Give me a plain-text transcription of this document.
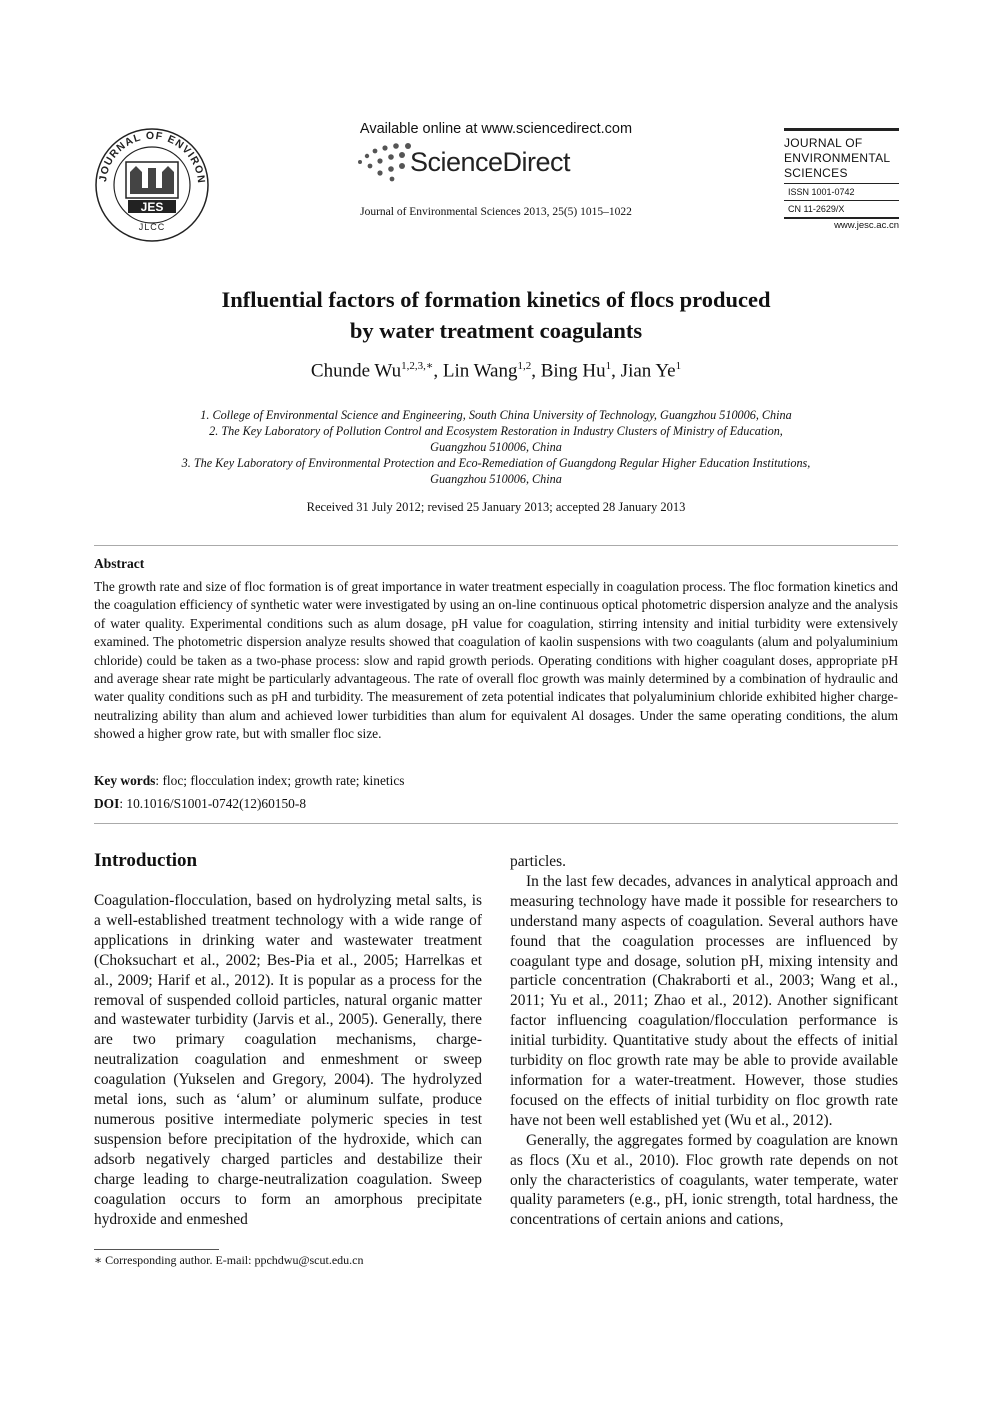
JOURNAL OF ENVIRON
JES
JLCC
Available online at www.sciencedirect.com
ScienceDirect
Journal of Environmental Sciences 2013, 25(5) 1015–1022
JOURNAL OF
ENVIRONMENTAL
SCIENCES
ISSN 1001-0742
CN 11-2629/X
www.jesc.ac.cn
Influential factors of formation kinetics of flocs produced
by water treatment coagulants
Chunde $Wu^{1,2,3,∗}$, Lin Wang$^{1,2}$, Bing Hu$^1$, Jian Ye$^1$
1. College of Environmental Science and Engineering, South China University of Technology, Guangzhou 510006, China
2. The Key Laboratory of Pollution Control and Ecosystem Restoration in Industry Clusters of Ministry of Education,
Guangzhou 510006, China
3. The Key Laboratory of Environmental Protection and Eco-Remediation of Guangdong Regular Higher Education Institutions,
Guangzhou 510006, China
Received 31 July 2012; revised 25 January 2013; accepted 28 January 2013
Abstract
The growth rate and size of floc formation is of great importance in water treatment especially in coagulation process. The floc formation kinetics and the coagulation efficiency of synthetic water were investigated by using an on-line continuous optical photometric dispersion analyze and the analysis of water quality. Experimental conditions such as alum dosage, pH value for coagulation, stirring intensity and initial turbidity were extensively examined. The photometric dispersion analyze results showed that coagulation of kaolin suspensions with two coagulants (alum and polyaluminium chloride) could be taken as a two-phase process: slow and rapid growth periods. Operating conditions with higher coagulant doses, appropriate pH and average shear rate might be particularly advantageous. The rate of overall floc growth was mainly determined by a combination of hydraulic and water quality conditions such as pH and turbidity. The measurement of zeta potential indicates that polyaluminium chloride exhibited higher charge-neutralizing ability than alum and achieved lower turbidities than alum for equivalent Al dosages. Under the same operating conditions, the alum showed a higher grow rate, but with smaller floc size.
Key words: floc; flocculation index; growth rate; kinetics
DOI: 10.1016/S1001-0742(12)60150-8
Introduction

Coagulation-flocculation, based on hydrolyzing metal salts, is a well-established treatment technology with a wide range of applications in drinking water and wastewater treatment (Choksuchart et al., 2002; Bes-Pia et al., 2005; Harrelkas et al., 2009; Harif et al., 2012). It is popular as a process for the removal of suspended colloid particles, natural organic matter and wastewater turbidity (Jarvis et al., 2005). Generally, there are two primary coagulation mechanisms, charge-neutralization coagulation and enmeshment or sweep coagulation (Yukselen and Gregory, 2004). The hydrolyzed metal ions, such as ‘alum’ or aluminum sulfate, produce numerous positive intermediate polymeric species in test suspension before precipitation of the hydroxide, which can adsorb negatively charged particles and destabilize their charge leading to charge-neutralization coagulation. Sweep coagulation occurs to form an amorphous precipitate hydroxide and enmeshed

particles.

In the last few decades, advances in analytical approach and measuring technology have made it possible for researchers to understand many aspects of coagulation. Several authors have found that the coagulation processes are influenced by coagulant type and dosage, solution pH, mixing intensity and particle concentration (Chakraborti et al., 2003; Wang et al., 2011; Yu et al., 2011; Zhao et al., 2012). Another significant factor influencing coagulation/flocculation performance is initial turbidity. Quantitative study about the effects of initial turbidity on floc growth rate may be able to provide available information for a water-treatment. However, those studies focused on the effects of initial turbidity on floc growth rate have not been well established yet (Wu et al., 2012).

Generally, the aggregates formed by coagulation are known as flocs (Xu et al., 2010). Floc growth rate depends on not only the characteristics of coagulants, water temperate, water quality parameters (e.g., pH, ionic strength, total hardness, the concentrations of certain anions and cations,

∗ Corresponding author. E-mail: ppchdwu@scut.edu.cn
